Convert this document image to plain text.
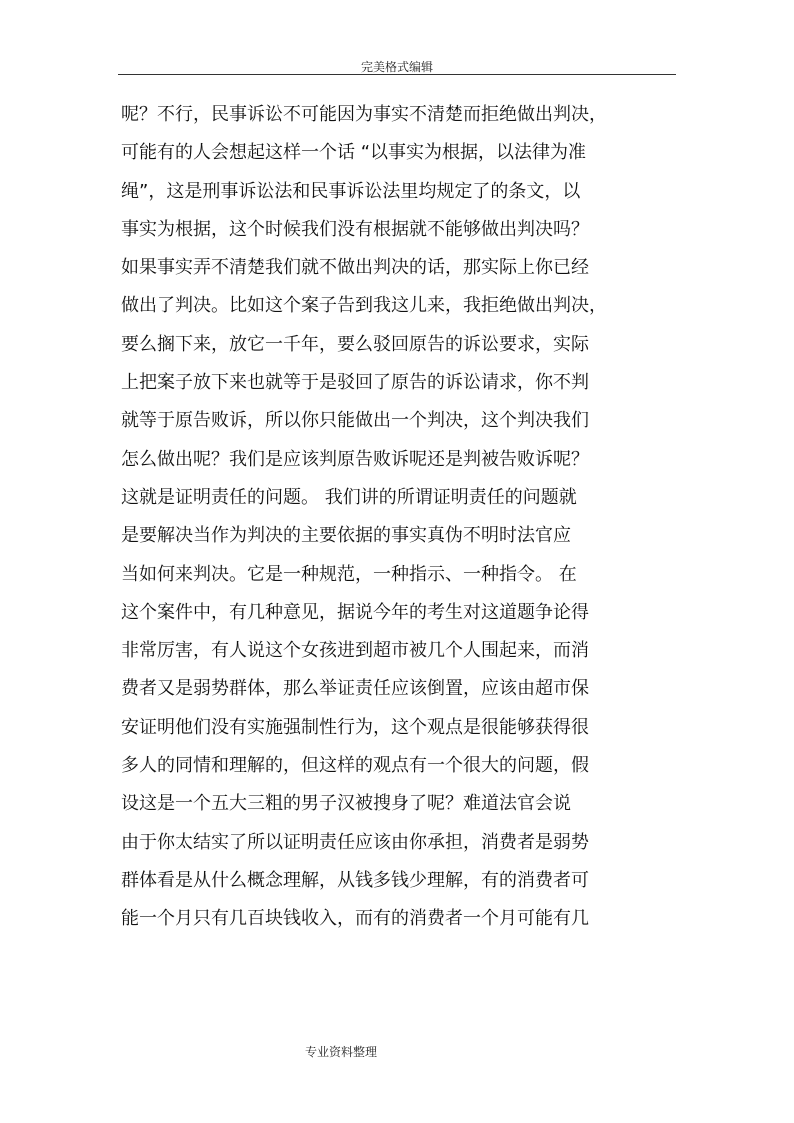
完美格式编辑
呢？不行，民事诉讼不可能因为事实不清楚而拒绝做出判决，
可能有的人会想起这样一个话 “以事实为根据，以法律为准
绳”，这是刑事诉讼法和民事诉讼法里均规定了的条文，以
事实为根据，这个时候我们没有根据就不能够做出判决吗？
如果事实弄不清楚我们就不做出判决的话，那实际上你已经
做出了判决。比如这个案子告到我这儿来，我拒绝做出判决，
要么搁下来，放它一千年，要么驳回原告的诉讼要求，实际
上把案子放下来也就等于是驳回了原告的诉讼请求，你不判
就等于原告败诉，所以你只能做出一个判决，这个判决我们
怎么做出呢？我们是应该判原告败诉呢还是判被告败诉呢？
这就是证明责任的问题。 我们讲的所谓证明责任的问题就
是要解决当作为判决的主要依据的事实真伪不明时法官应
当如何来判决。它是一种规范，一种指示、一种指令。 在
这个案件中，有几种意见，据说今年的考生对这道题争论得
非常厉害，有人说这个女孩进到超市被几个人围起来，而消
费者又是弱势群体，那么举证责任应该倒置，应该由超市保
安证明他们没有实施强制性行为，这个观点是很能够获得很
多人的同情和理解的，但这样的观点有一个很大的问题，假
设这是一个五大三粗的男子汉被搜身了呢？难道法官会说
由于你太结实了所以证明责任应该由你承担，消费者是弱势
群体看是从什么概念理解，从钱多钱少理解，有的消费者可
能一个月只有几百块钱收入，而有的消费者一个月可能有几
专业资料整理
